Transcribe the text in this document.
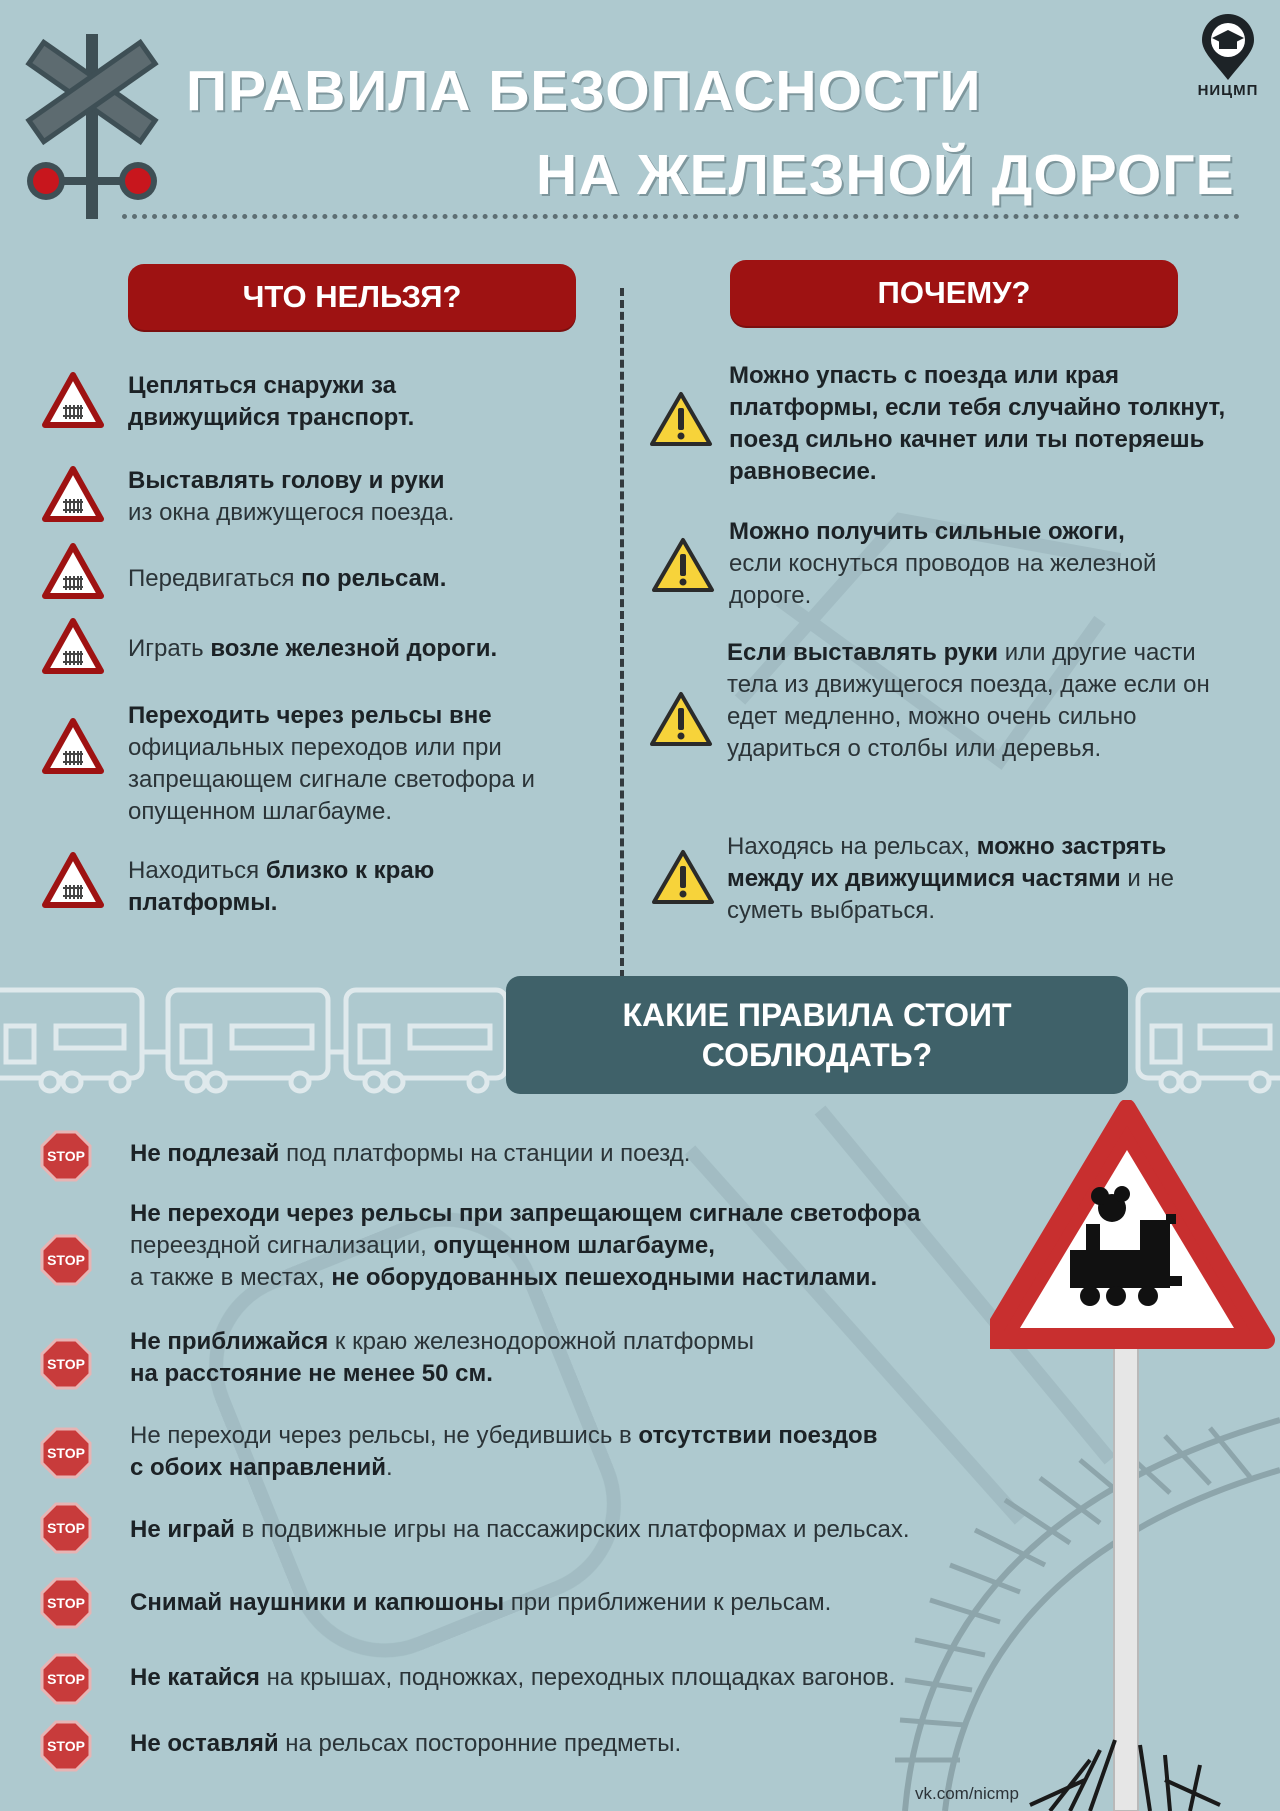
ПРАВИЛА БЕЗОПАСНОСТИ
НА ЖЕЛЕЗНОЙ ДОРОГЕ
НИЦМП
ЧТО НЕЛЬЗЯ?	ПОЧЕМУ?
Цепляться снаружи за движущийся транспорт.
Выставлять голову и руки
из окна движущегося поезда.
Передвигаться по рельсам.
Играть возле железной дороги.
Переходить через рельсы вне
официальных переходов или при запрещающем сигнале светофора и опущенном шлагбауме.
Находиться близко к краю платформы.
Можно упасть с поезда или края платформы, если тебя случайно толкнут, поезд сильно качнет или ты потеряешь равновесие.
Можно получить сильные ожоги,
если коснуться проводов на железной дороге.
Если выставлять руки или другие части тела из движущегося поезда, даже если он едет медленно, можно очень сильно удариться о столбы или деревья.
Находясь на рельсах, можно застрять между их движущимися частями и не суметь выбраться.
КАКИЕ ПРАВИЛА СТОИТ
СОБЛЮДАТЬ?
STOP Не подлезай под платформы на станции и поезд.
STOP
Не переходи через рельсы при запрещающем сигнале светофора
переездной сигнализации, опущенном шлагбауме,
а также в местах, не оборудованных пешеходными настилами.
STOP
Не приближайся к краю железнодорожной платформы
на расстояние не менее 50 см.
STOP
Не переходи через рельсы, не убедившись в отсутствии поездов
с обоих направлений.
STOP Не играй в подвижные игры на пассажирских платформах и рельсах.
STOP Снимай наушники и капюшоны при приближении к рельсам.
STOP Не катайся на крышах, подножках, переходных площадках вагонов.
STOP Не оставляй на рельсах посторонние предметы.
vk.com/nicmp
